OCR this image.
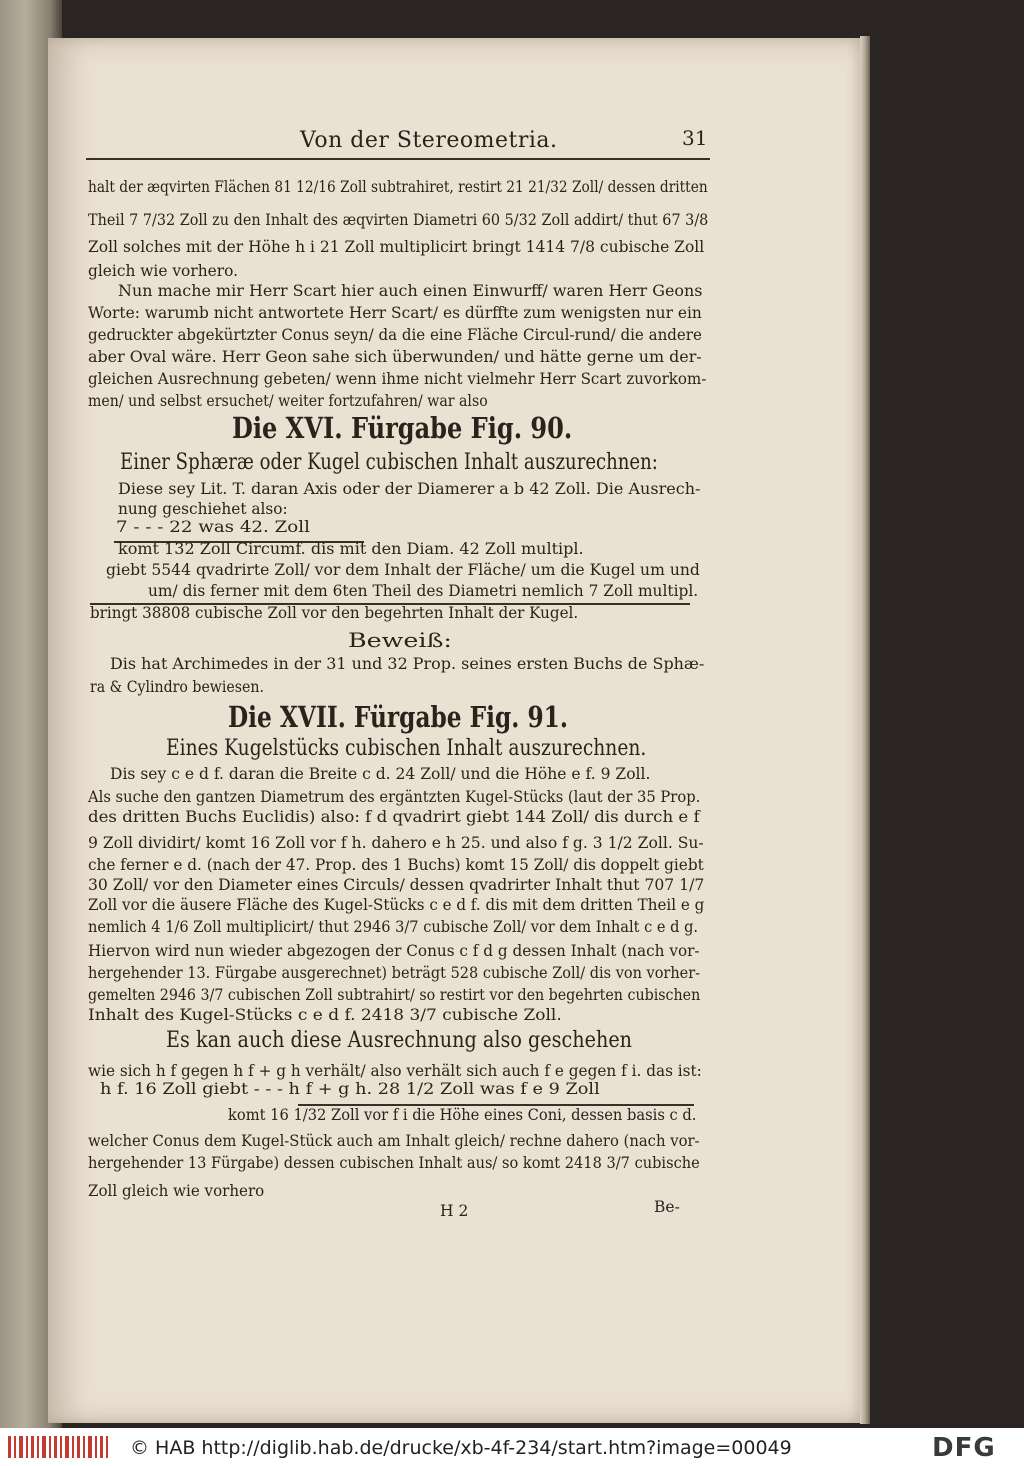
Von der Stereometria.	31
halt der æqvirten Flächen 81 12/16 Zoll subtrahiret, restirt 21 21/32 Zoll/ dessen dritten
Theil 7 7/32 Zoll zu den Inhalt des æqvirten Diametri 60 5/32 Zoll addirt/ thut 67 3/8
Zoll solches mit der Höhe h i 21 Zoll multiplicirt bringt 1414 7/8 cubische Zoll
gleich wie vorhero.
Nun mache mir Herr Scart hier auch einen Einwurff/ waren Herr Geons
Worte: warumb nicht antwortete Herr Scart/ es dürffte zum wenigsten nur ein
gedruckter abgekürtzter Conus seyn/ da die eine Fläche Circul-rund/ die andere
aber Oval wäre. Herr Geon sahe sich überwunden/ und hätte gerne um der-
gleichen Ausrechnung gebeten/ wenn ihme nicht vielmehr Herr Scart zuvorkom-
men/ und selbst ersuchet/ weiter fortzufahren/ war also
Die XVI. Fürgabe Fig. 90.
Einer Sphæræ oder Kugel cubischen Inhalt auszurechnen:
Diese sey Lit. T. daran Axis oder der Diamerer a b 42 Zoll. Die Ausrech-
nung geschiehet also:
7 - - - 22 was 42. Zoll
komt 132 Zoll Circumf. dis mit den Diam. 42 Zoll multipl.
giebt 5544 qvadrirte Zoll/ vor dem Inhalt der Fläche/ um die Kugel um und
um/ dis ferner mit dem 6ten Theil des Diametri nemlich 7 Zoll multipl.
bringt 38808 cubische Zoll vor den begehrten Inhalt der Kugel.
Beweiß:
Dis hat Archimedes in der 31 und 32 Prop. seines ersten Buchs de Sphæ-
ra & Cylindro bewiesen.
Die XVII. Fürgabe Fig. 91.
Eines Kugelstücks cubischen Inhalt auszurechnen.
Dis sey c e d f. daran die Breite c d. 24 Zoll/ und die Höhe e f. 9 Zoll.
Als suche den gantzen Diametrum des ergäntzten Kugel-Stücks (laut der 35 Prop.
des dritten Buchs Euclidis) also: f d qvadrirt giebt 144 Zoll/ dis durch e f
9 Zoll dividirt/ komt 16 Zoll vor f h. dahero e h 25. und also f g. 3 1/2 Zoll. Su-
che ferner e d. (nach der 47. Prop. des 1 Buchs) komt 15 Zoll/ dis doppelt giebt
30 Zoll/ vor den Diameter eines Circuls/ dessen qvadrirter Inhalt thut 707 1/7
Zoll vor die äusere Fläche des Kugel-Stücks c e d f. dis mit dem dritten Theil e g
nemlich 4 1/6 Zoll multiplicirt/ thut 2946 3/7 cubische Zoll/ vor dem Inhalt c e d g.
Hiervon wird nun wieder abgezogen der Conus c f d g dessen Inhalt (nach vor-
hergehender 13. Fürgabe ausgerechnet) beträgt 528 cubische Zoll/ dis von vorher-
gemelten 2946 3/7 cubischen Zoll subtrahirt/ so restirt vor den begehrten cubischen
Inhalt des Kugel-Stücks c e d f. 2418 3/7 cubische Zoll.
Es kan auch diese Ausrechnung also geschehen
wie sich h f gegen h f + g h verhält/ also verhält sich auch f e gegen f i. das ist:
h f. 16 Zoll giebt - - - h f + g h. 28 1/2 Zoll was f e 9 Zoll
komt 16 1/32 Zoll vor f i die Höhe eines Coni, dessen basis c d.
welcher Conus dem Kugel-Stück auch am Inhalt gleich/ rechne dahero (nach vor-
hergehender 13 Fürgabe) dessen cubischen Inhalt aus/ so komt 2418 3/7 cubische
Zoll gleich wie vorhero
H 2	Be-
© HAB http://diglib.hab.de/drucke/xb-4f-234/start.htm?image=00049	DFG
